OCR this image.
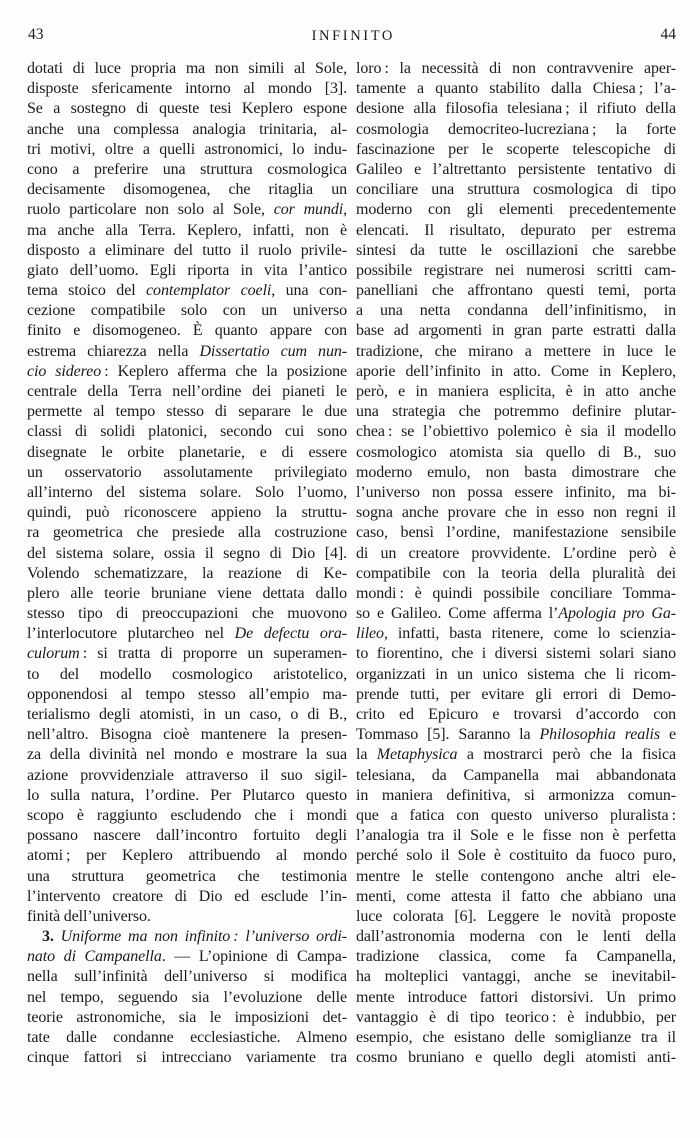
43	INFINITO	44
dotati di luce propria ma non simili al Sole,
disposte sfericamente intorno al mondo [3].
Se a sostegno di queste tesi Keplero espone
anche una complessa analogia trinitaria, al-
tri motivi, oltre a quelli astronomici, lo indu-
cono a preferire una struttura cosmologica
decisamente disomogenea, che ritaglia un
ruolo particolare non solo al Sole, cor mundi,
ma anche alla Terra. Keplero, infatti, non è
disposto a eliminare del tutto il ruolo privile-
giato dell’uomo. Egli riporta in vita l’antico
tema stoico del contemplator coeli, una con-
cezione compatibile solo con un universo
finito e disomogeneo. È quanto appare con
estrema chiarezza nella Dissertatio cum nun-
cio sidereo : Keplero afferma che la posizione
centrale della Terra nell’ordine dei pianeti le
permette al tempo stesso di separare le due
classi di solidi platonici, secondo cui sono
disegnate le orbite planetarie, e di essere
un osservatorio assolutamente privilegiato
all’interno del sistema solare. Solo l’uomo,
quindi, può riconoscere appieno la struttu-
ra geometrica che presiede alla costruzione
del sistema solare, ossia il segno di Dio [4].
Volendo schematizzare, la reazione di Ke-
plero alle teorie bruniane viene dettata dallo
stesso tipo di preoccupazioni che muovono
l’interlocutore plutarcheo nel De defectu ora-
culorum : si tratta di proporre un superamen-
to del modello cosmologico aristotelico,
opponendosi al tempo stesso all’empio ma-
terialismo degli atomisti, in un caso, o di B.,
nell’altro. Bisogna cioè mantenere la presen-
za della divinità nel mondo e mostrare la sua
azione provvidenziale attraverso il suo sigil-
lo sulla natura, l’ordine. Per Plutarco questo
scopo è raggiunto escludendo che i mondi
possano nascere dall’incontro fortuito degli
atomi ; per Keplero attribuendo al mondo
una struttura geometrica che testimonia
l’intervento creatore di Dio ed esclude l’in-
finità dell’universo.
3. Uniforme ma non infinito : l’universo ordi-
nato di Campanella. — L’opinione di Campa-
nella sull’infinità dell’universo si modifica
nel tempo, seguendo sia l’evoluzione delle
teorie astronomiche, sia le imposizioni det-
tate dalle condanne ecclesiastiche. Almeno
cinque fattori si intrecciano variamente tra
loro : la necessità di non contravvenire aper-
tamente a quanto stabilito dalla Chiesa ; l’a-
desione alla filosofia telesiana ; il rifiuto della
cosmologia democriteo-lucreziana ; la forte
fascinazione per le scoperte telescopiche di
Galileo e l’altrettanto persistente tentativo di
conciliare una struttura cosmologica di tipo
moderno con gli elementi precedentemente
elencati. Il risultato, depurato per estrema
sintesi da tutte le oscillazioni che sarebbe
possibile registrare nei numerosi scritti cam-
panelliani che affrontano questi temi, porta
a una netta condanna dell’infinitismo, in
base ad argomenti in gran parte estratti dalla
tradizione, che mirano a mettere in luce le
aporie dell’infinito in atto. Come in Keplero,
però, e in maniera esplicita, è in atto anche
una strategia che potremmo definire plutar-
chea : se l’obiettivo polemico è sia il modello
cosmologico atomista sia quello di B., suo
moderno emulo, non basta dimostrare che
l’universo non possa essere infinito, ma bi-
sogna anche provare che in esso non regni il
caso, bensì l’ordine, manifestazione sensibile
di un creatore provvidente. L’ordine però è
compatibile con la teoria della pluralità dei
mondi : è quindi possibile conciliare Tomma-
so e Galileo. Come afferma l’Apologia pro Ga-
lileo, infatti, basta ritenere, come lo scienzia-
to fiorentino, che i diversi sistemi solari siano
organizzati in un unico sistema che li ricom-
prende tutti, per evitare gli errori di Demo-
crito ed Epicuro e trovarsi d’accordo con
Tommaso [5]. Saranno la Philosophia realis e
la Metaphysica a mostrarci però che la fisica
telesiana, da Campanella mai abbandonata
in maniera definitiva, si armonizza comun-
que a fatica con questo universo pluralista :
l’analogia tra il Sole e le fisse non è perfetta
perché solo il Sole è costituito da fuoco puro,
mentre le stelle contengono anche altri ele-
menti, come attesta il fatto che abbiano una
luce colorata [6]. Leggere le novità proposte
dall’astronomia moderna con le lenti della
tradizione classica, come fa Campanella,
ha molteplici vantaggi, anche se inevitabil-
mente introduce fattori distorsivi. Un primo
vantaggio è di tipo teorico : è indubbio, per
esempio, che esistano delle somiglianze tra il
cosmo bruniano e quello degli atomisti anti-
